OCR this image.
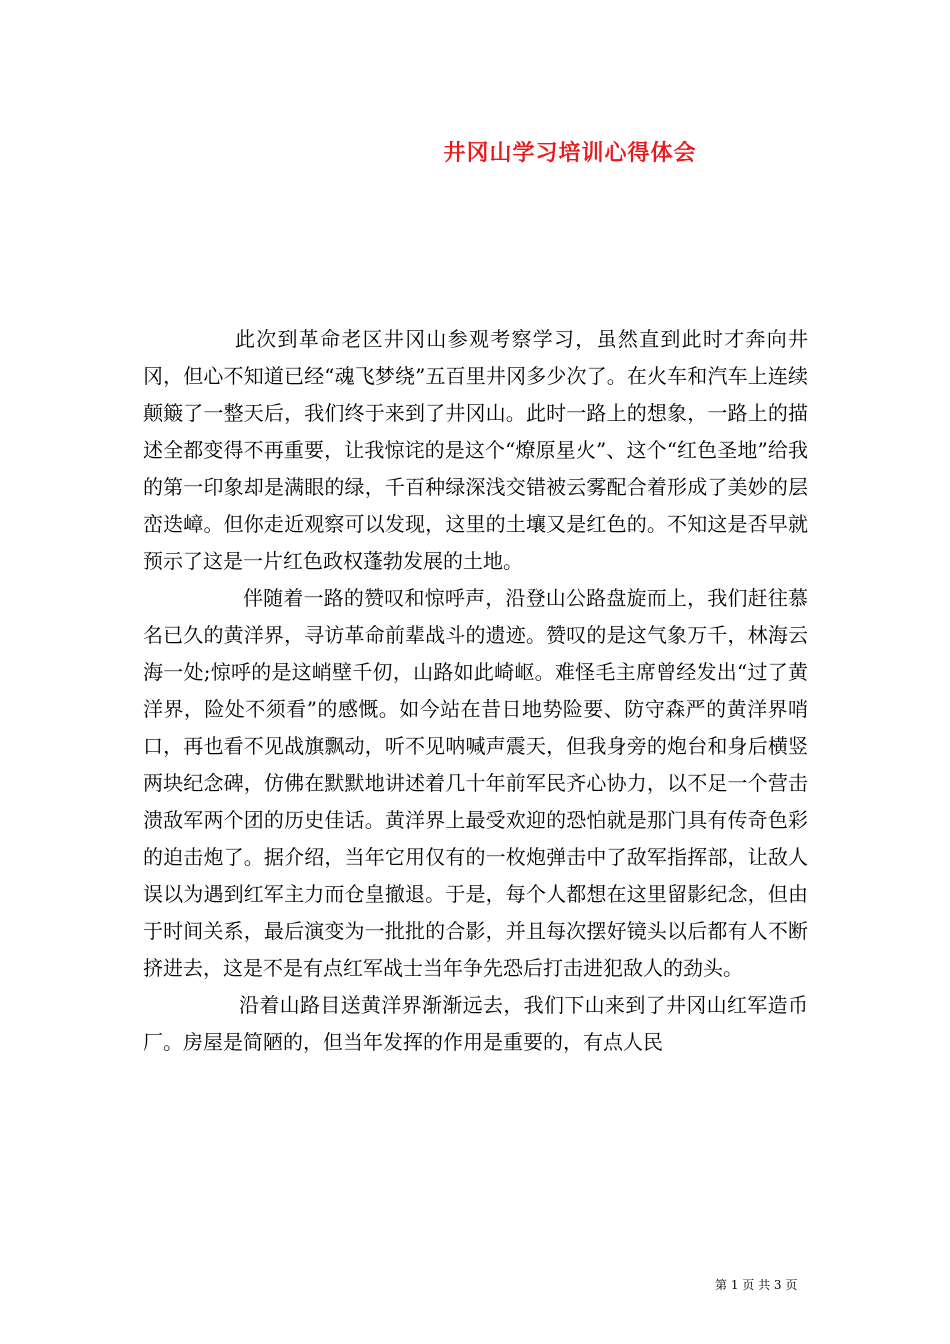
井冈山学习培训心得体会

此次到革命老区井冈山参观考察学习，虽然直到此时才奔向井冈，但心不知道已经“魂飞梦绕”五百里井冈多少次了。在火车和汽车上连续颠簸了一整天后，我们终于来到了井冈山。此时一路上的想象，一路上的描述全都变得不再重要，让我惊诧的是这个“燎原星火”、这个“红色圣地”给我的第一印象却是满眼的绿，千百种绿深浅交错被云雾配合着形成了美妙的层峦迭嶂。但你走近观察可以发现，这里的土壤又是红色的。不知这是否早就预示了这是一片红色政权蓬勃发展的土地。

伴随着一路的赞叹和惊呼声，沿登山公路盘旋而上，我们赶往慕名已久的黄洋界，寻访革命前辈战斗的遗迹。赞叹的是这气象万千，林海云海一处;惊呼的是这峭壁千仞，山路如此崎岖。难怪毛主席曾经发出“过了黄洋界，险处不须看”的感慨。如今站在昔日地势险要、防守森严的黄洋界哨口，再也看不见战旗飘动，听不见呐喊声震天，但我身旁的炮台和身后横竖两块纪念碑，仿佛在默默地讲述着几十年前军民齐心协力，以不足一个营击溃敌军两个团的历史佳话。黄洋界上最受欢迎的恐怕就是那门具有传奇色彩的迫击炮了。据介绍，当年它用仅有的一枚炮弹击中了敌军指挥部，让敌人误以为遇到红军主力而仓皇撤退。于是，每个人都想在这里留影纪念，但由于时间关系，最后演变为一批批的合影，并且每次摆好镜头以后都有人不断挤进去，这是不是有点红军战士当年争先恐后打击进犯敌人的劲头。

沿着山路目送黄洋界渐渐远去，我们下山来到了井冈山红军造币厂。房屋是简陋的，但当年发挥的作用是重要的，有点人民

第 1 页 共 3 页
